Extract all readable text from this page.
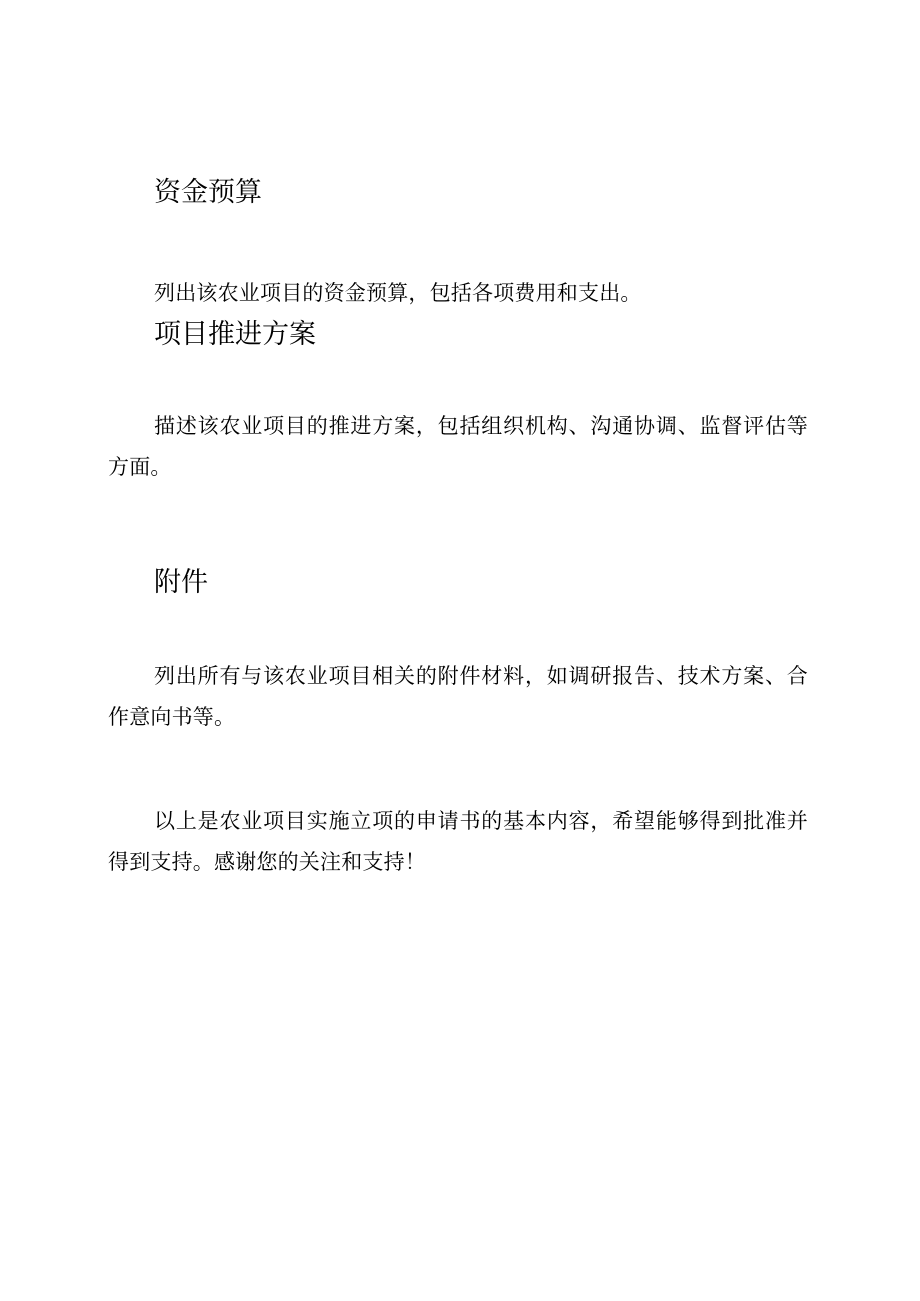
资金预算

列出该农业项目的资金预算，包括各项费用和支出。

项目推进方案

描述该农业项目的推进方案，包括组织机构、沟通协调、监督评估等方面。

附件

列出所有与该农业项目相关的附件材料，如调研报告、技术方案、合作意向书等。

以上是农业项目实施立项的申请书的基本内容，希望能够得到批准并得到支持。感谢您的关注和支持！
